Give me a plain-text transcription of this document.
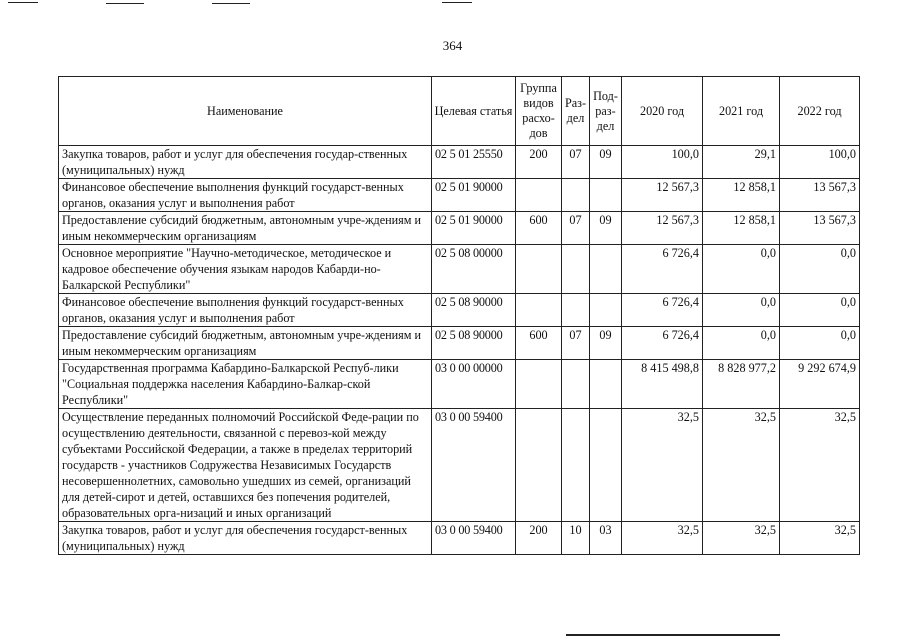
364
Наименование	Целевая статья	Группа видов расхо-дов	Раз-дел	Под-раз-дел	2020 год	2021 год	2022 год
Закупка товаров, работ и услуг для обеспечения государ-ственных (муниципальных) нужд	02 5 01 25550	200	07	09	100,0	29,1	100,0
Финансовое обеспечение выполнения функций государст-венных органов, оказания услуг и выполнения работ	02 5 01 90000				12 567,3	12 858,1	13 567,3
Предоставление субсидий бюджетным, автономным учре-ждениям и иным некоммерческим организациям	02 5 01 90000	600	07	09	12 567,3	12 858,1	13 567,3
Основное мероприятие "Научно-методическое, методическое и кадровое обеспечение обучения языкам народов Кабарди-но-Балкарской Республики"	02 5 08 00000				6 726,4	0,0	0,0
Финансовое обеспечение выполнения функций государст-венных органов, оказания услуг и выполнения работ	02 5 08 90000				6 726,4	0,0	0,0
Предоставление субсидий бюджетным, автономным учре-ждениям и иным некоммерческим организациям	02 5 08 90000	600	07	09	6 726,4	0,0	0,0
Государственная программа Кабардино-Балкарской Респуб-лики "Социальная поддержка населения Кабардино-Балкар-ской Республики"	03 0 00 00000				8 415 498,8	8 828 977,2	9 292 674,9
Осуществление переданных полномочий Российской Феде-рации по осуществлению деятельности, связанной с перевоз-кой между субъектами Российской Федерации, а также в пределах территорий государств - участников Содружества Независимых Государств несовершеннолетних, самовольно ушедших из семей, организаций для детей-сирот и детей, оставшихся без попечения родителей, образовательных орга-низаций и иных организаций	03 0 00 59400				32,5	32,5	32,5
Закупка товаров, работ и услуг для обеспечения государст-венных (муниципальных) нужд	03 0 00 59400	200	10	03	32,5	32,5	32,5
